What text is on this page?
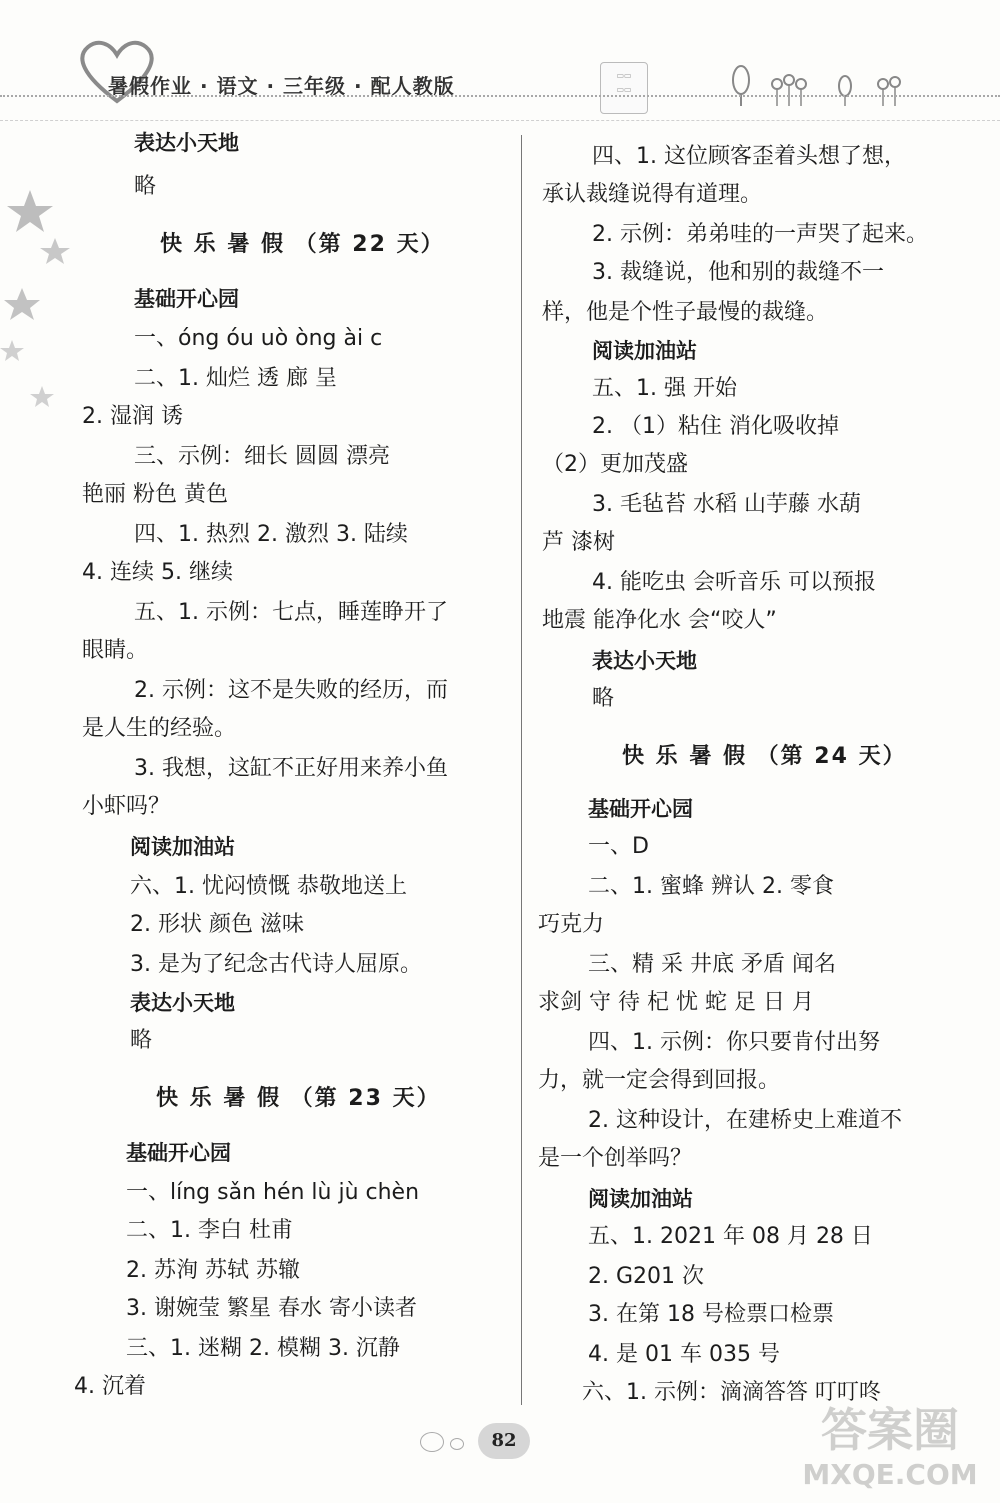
暑假作业 · 语文 · 三年级 · 配人教版	▭▭
▭▭
表达小天地
略
快 乐 暑 假 （第 22 天）
基础开心园
一、óng óu uò òng ài c
二、1. 灿烂 透 廊 呈
2. 湿润 诱
三、示例：细长 圆圆 漂亮
艳丽 粉色 黄色
四、1. 热烈 2. 激烈 3. 陆续
4. 连续 5. 继续
五、1. 示例：七点，睡莲睁开了
眼睛。
2. 示例：这不是失败的经历，而
是人生的经验。
3. 我想，这缸不正好用来养小鱼
小虾吗？
阅读加油站
六、1. 忧闷愤慨 恭敬地送上
2. 形状 颜色 滋味
3. 是为了纪念古代诗人屈原。
表达小天地
略
快 乐 暑 假 （第 23 天）
基础开心园
一、líng sǎn hén lù jù chèn
二、1. 李白 杜甫
2. 苏洵 苏轼 苏辙
3. 谢婉莹 繁星 春水 寄小读者
三、1. 迷糊 2. 模糊 3. 沉静
4. 沉着
四、1. 这位顾客歪着头想了想，
承认裁缝说得有道理。
2. 示例：弟弟哇的一声哭了起来。
3. 裁缝说，他和别的裁缝不一
样，他是个性子最慢的裁缝。
阅读加油站
五、1. 强 开始
2. （1）粘住 消化吸收掉
（2）更加茂盛
3. 毛毡苔 水稻 山芋藤 水葫
芦 漆树
4. 能吃虫 会听音乐 可以预报
地震 能净化水 会“咬人”
表达小天地
略
快 乐 暑 假 （第 24 天）
基础开心园
一、D
二、1. 蜜蜂 辨认 2. 零食
巧克力
三、精 采 井底 矛盾 闻名
求剑 守 待 杞 忧 蛇 足 日 月
四、1. 示例：你只要肯付出努
力，就一定会得到回报。
2. 这种设计，在建桥史上难道不
是一个创举吗？
阅读加油站
五、1. 2021 年 08 月 28 日
2. G201 次
3. 在第 18 号检票口检票
4. 是 01 车 035 号
六、1. 示例：滴滴答答 叮叮咚
82	答案圈
MXQE.COM
